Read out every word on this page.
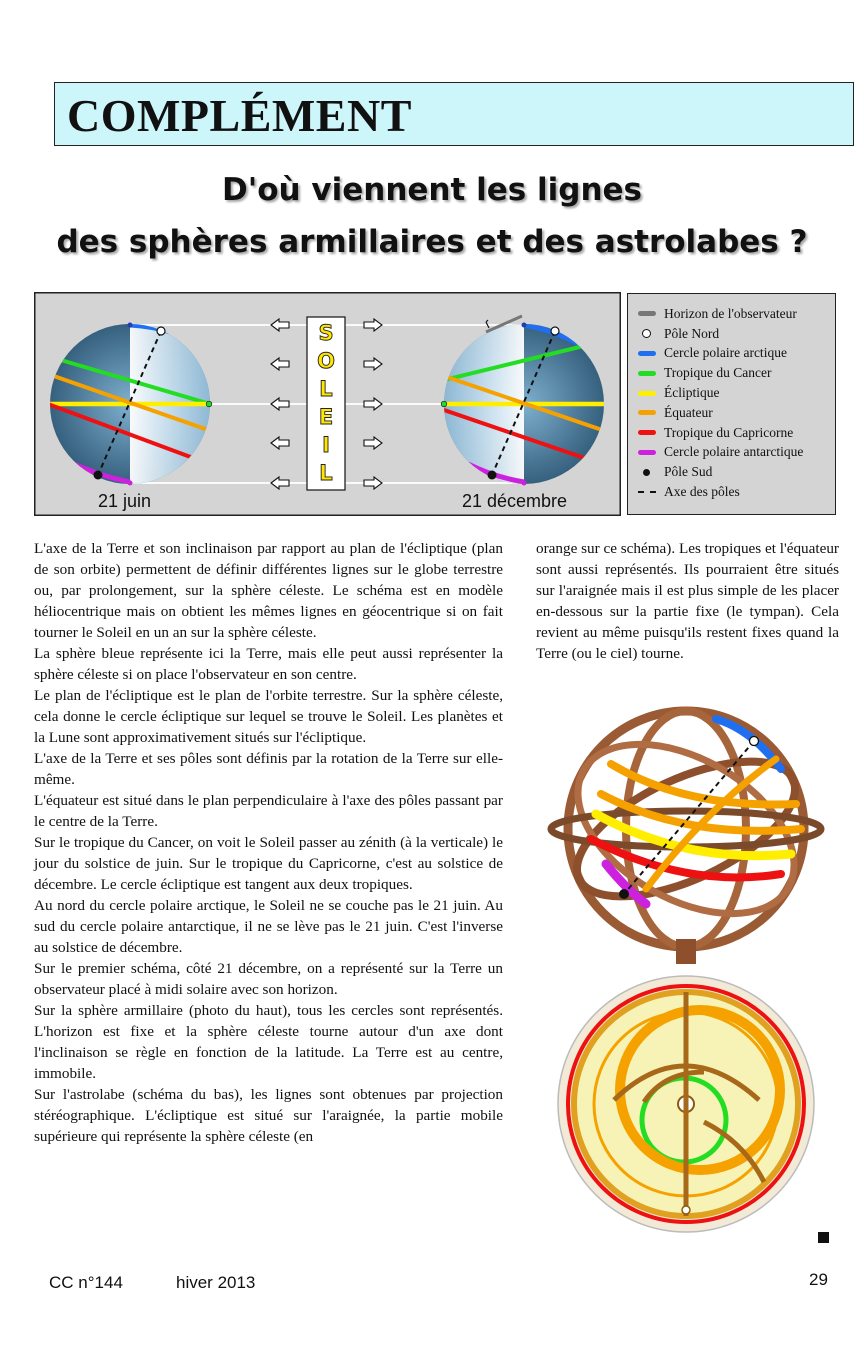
COMPLÉMENT
D'où viennent les lignes
des sphères armillaires et des astrolabes ?
S
O
L
E
I
L
21 juin	21 décembre
Horizon de l'observateur
Pôle Nord
Cercle polaire arctique
Tropique du Cancer
Écliptique
Équateur
Tropique du Capricorne
Cercle polaire antarctique
Pôle Sud
Axe des pôles

L'axe de la Terre et son inclinaison par rapport au plan de l'écliptique (plan de son orbite) permettent de définir différentes lignes sur le globe terrestre ou, par prolongement, sur la sphère céleste. Le schéma est en modèle héliocentrique mais on obtient les mêmes lignes en géocentrique si on fait tourner le Soleil en un an sur la sphère céleste.

La sphère bleue représente ici la Terre, mais elle peut aussi représenter la sphère céleste si on place l'observateur en son centre.

Le plan de l'écliptique est le plan de l'orbite terrestre. Sur la sphère céleste, cela donne le cercle écliptique sur lequel se trouve le Soleil. Les planètes et la Lune sont approximativement situés sur l'écliptique.

L'axe de la Terre et ses pôles sont définis par la rotation de la Terre sur elle-même.

L'équateur est situé dans le plan perpendiculaire à l'axe des pôles passant par le centre de la Terre.

Sur le tropique du Cancer, on voit le Soleil passer au zénith (à la verticale) le jour du solstice de juin. Sur le tropique du Capricorne, c'est au solstice de décembre. Le cercle écliptique est tangent aux deux tropiques.

Au nord du cercle polaire arctique, le Soleil ne se couche pas le 21 juin. Au sud du cercle polaire antarctique, il ne se lève pas le 21 juin. C'est l'inverse au solstice de décembre.

Sur le premier schéma, côté 21 décembre, on a représenté sur la Terre un observateur placé à midi solaire avec son horizon.

Sur la sphère armillaire (photo du haut), tous les cercles sont représentés. L'horizon est fixe et la sphère céleste tourne autour d'un axe dont l'inclinaison se règle en fonction de la latitude. La Terre est au centre, immobile.

Sur l'astrolabe (schéma du bas), les lignes sont obtenues par projection stéréographique. L'écliptique est situé sur l'araignée, la partie mobile supérieure qui représente la sphère céleste (en

orange sur ce schéma). Les tropiques et l'équateur sont aussi représentés. Ils pourraient être situés sur l'araignée mais il est plus simple de les placer en-dessous sur la partie fixe (le tympan). Cela revient au même puisqu'ils restent fixes quand la Terre (ou le ciel) tourne.

CC n°144	hiver 2013	29
